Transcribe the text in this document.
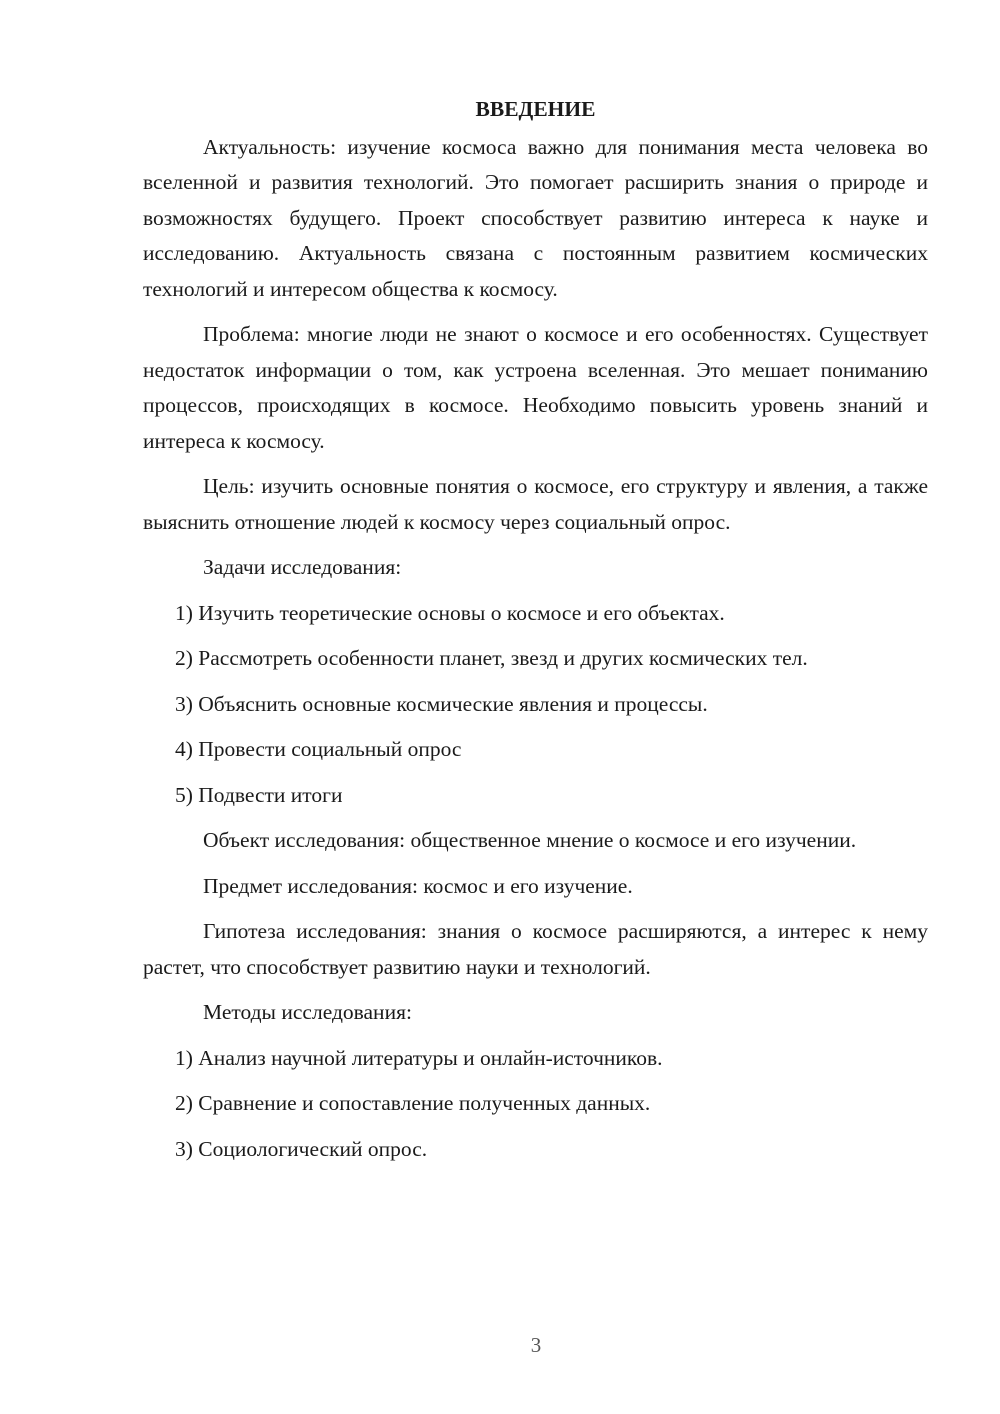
ВВЕДЕНИЕ

Актуальность: изучение космоса важно для понимания места человека во вселенной и развития технологий. Это помогает расширить знания о природе и возможностях будущего. Проект способствует развитию интереса к науке и исследованию. Актуальность связана с постоянным развитием космических технологий и интересом общества к космосу.

Проблема: многие люди не знают о космосе и его особенностях. Существует недостаток информации о том, как устроена вселенная. Это мешает пониманию процессов, происходящих в космосе. Необходимо повысить уровень знаний и интереса к космосу.

Цель: изучить основные понятия о космосе, его структуру и явления, а также выяснить отношение людей к космосу через социальный опрос.

Задачи исследования:

1) Изучить теоретические основы о космосе и его объектах.

2) Рассмотреть особенности планет, звезд и других космических тел.

3) Объяснить основные космические явления и процессы.

4) Провести социальный опрос

5) Подвести итоги

Объект исследования: общественное мнение о космосе и его изучении.

Предмет исследования: космос и его изучение.

Гипотеза исследования: знания о космосе расширяются, а интерес к нему растет, что способствует развитию науки и технологий.

Методы исследования:

1) Анализ научной литературы и онлайн-источников.

2) Сравнение и сопоставление полученных данных.

3) Социологический опрос.

3
